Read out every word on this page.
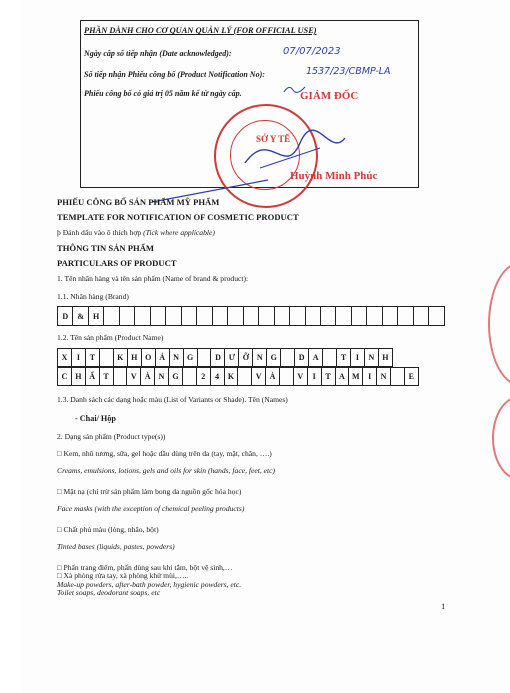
PHẦN DÀNH CHO CƠ QUAN QUẢN LÝ (FOR OFFICIAL USE)
Ngày cấp số tiếp nhận (Date acknowledged):	07/07/2023
Số tiếp nhận Phiếu công bố (Product Notification No):	1537/23/CBMP-LA
Phiếu công bố có giá trị 05 năm kể từ ngày cấp.	GIÁM ĐỐC
SỞ Y TẾ
Huỳnh Minh Phúc
PHIẾU CÔNG BỐ SẢN PHẨM MỸ PHẨM
TEMPLATE FOR NOTIFICATION OF COSMETIC PRODUCT
þ Đánh dấu vào ô thích hợp (Tick where applicable)
THÔNG TIN SẢN PHẨM
PARTICULARS OF PRODUCT
1. Tên nhãn hàng và tên sản phẩm (Name of brand & product):
1.1. Nhãn hàng (Brand)
D	&	H
1.2. Tên sản phẩm (Product Name)
X	I	T	K H O Á	N G	D Ư Ỡ N G	D	A	T	I	N H
C H Ấ	T	V	À	N G	2	4	K	V	À	V	I	T	A M	I	N	E
1.3. Danh sách các dạng hoặc màu (List of Variants or Shade). Tên (Names)
- Chai/ Hộp
2. Dạng sản phẩm (Product type(s))
□ Kem, nhũ tương, sữa, gel hoặc dầu dùng trên da (tay, mặt, chân, ….)
Creams, emulsions, lotions, gels and oils for skin (hands, face, feet, etc)
□ Mặt nạ (chỉ trừ sản phẩm làm bong da nguồn gốc hóa học)
Face masks (with the exception of chemical peeling products)
□ Chất phủ màu (lỏng, nhão, bột)
Tinted bases (liquids, pastes, powders)
□ Phấn trang điểm, phấn dùng sau khi tắm, bột vệ sinh,…
Make-up powders, after-bath powder, hygienic powders, etc.
□ Xà phòng rửa tay, xà phòng khử mùi,…..
Toilet soaps, deodorant soaps, etc
1
